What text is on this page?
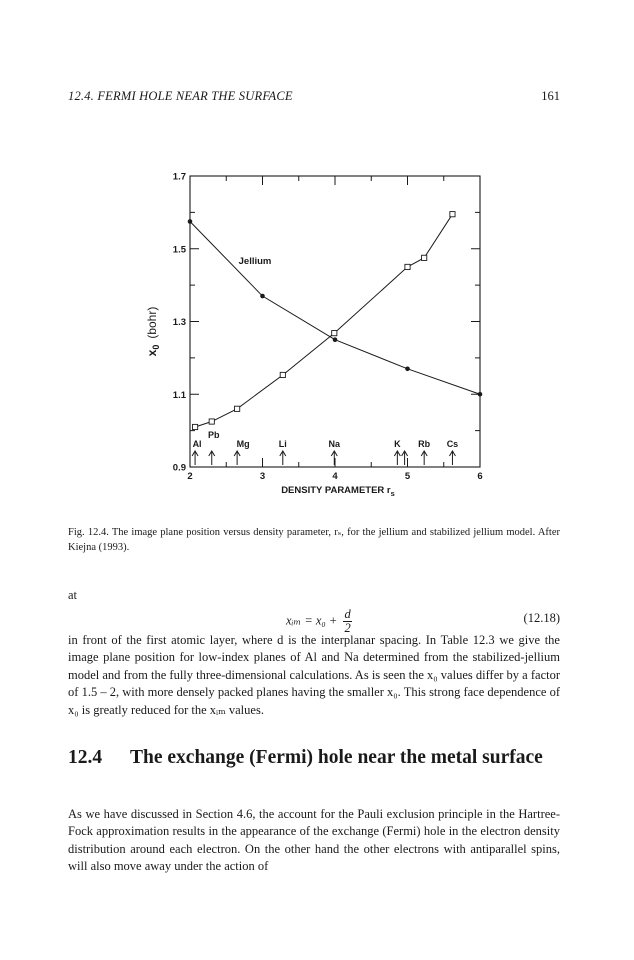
12.4. FERMI HOLE NEAR THE SURFACE	161
2	3	4	5	6
0.9
1.1
1.3
1.5
1.7
DENSITY PARAMETER $r_s$
$x_0(bohr)$
Jellium
Al
Pb
Mg	Li	Na	K Rb Cs
Fig. 12.4. The image plane position versus density parameter, rₛ, for the jellium and stabilized jellium model. After Kiejna (1993).
at
xᵢₘ = $x_0 + \frac{d}{2}$	(12.18)

in front of the first atomic layer, where d is the interplanar spacing. In Table 12.3 we give the image plane position for low-index planes of Al and Na determined from the stabilized-jellium model and from the fully three-dimensional calculations. As is seen the x₀ values differ by a factor of 1.5 – 2, with more densely packed planes having the smaller x₀. This strong face dependence of x₀ is greatly reduced for the xᵢₘ values.

12.4 The exchange (Fermi) hole near the metal surface

As we have discussed in Section 4.6, the account for the Pauli exclusion principle in the Hartree-Fock approximation results in the appearance of the exchange (Fermi) hole in the electron density distribution around each electron. On the other hand the other electrons with antiparallel spins, will also move away under the action of
